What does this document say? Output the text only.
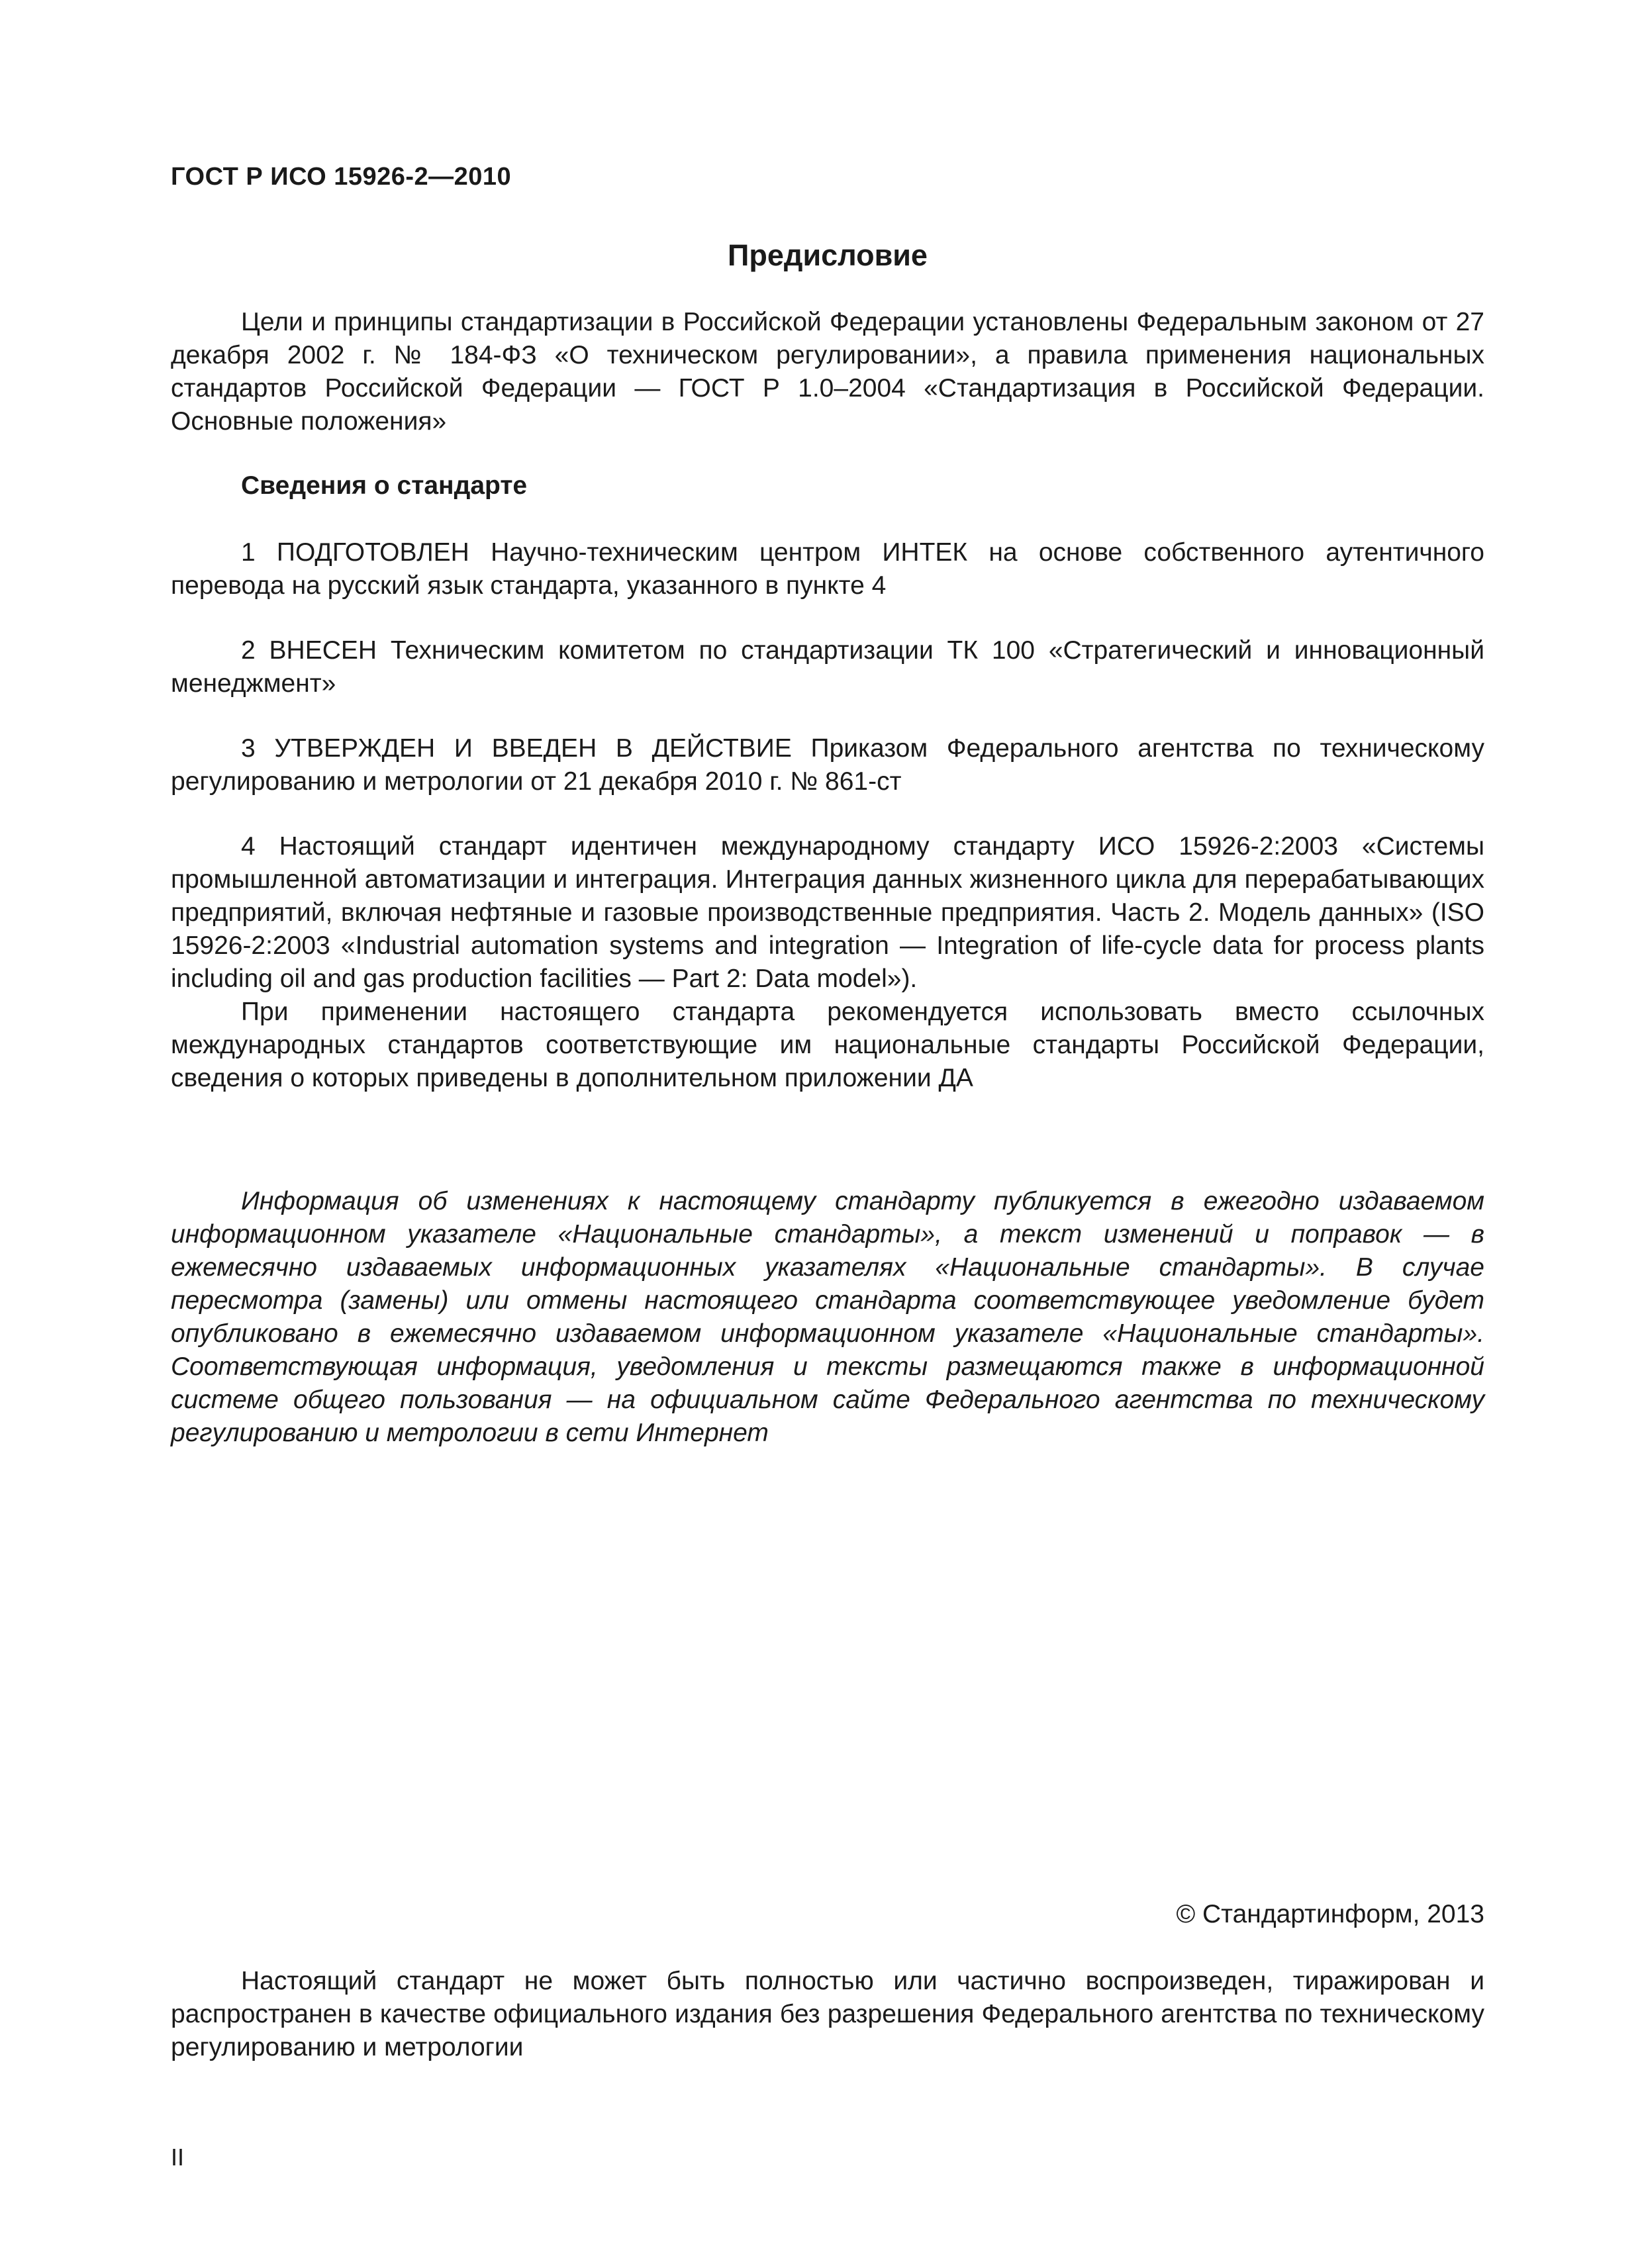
ГОСТ Р ИСО 15926-2—2010
Предисловие

Цели и принципы стандартизации в Российской Федерации установлены Федеральным законом от 27 декабря 2002 г. № 184-ФЗ «О техническом регулировании», а правила применения национальных стандартов Российской Федерации — ГОСТ Р 1.0–2004 «Стандартизация в Российской Федерации. Основные положения»

Сведения о стандарте

1 ПОДГОТОВЛЕН Научно-техническим центром ИНТЕК на основе собственного аутентичного перевода на русский язык стандарта, указанного в пункте 4

2 ВНЕСЕН Техническим комитетом по стандартизации ТК 100 «Стратегический и инновационный менеджмент»

3 УТВЕРЖДЕН И ВВЕДЕН В ДЕЙСТВИЕ Приказом Федерального агентства по техническому регулированию и метрологии от 21 декабря 2010 г. № 861-ст

4 Настоящий стандарт идентичен международному стандарту ИСО 15926-2:2003 «Системы промышленной автоматизации и интеграция. Интеграция данных жизненного цикла для перерабатывающих предприятий, включая нефтяные и газовые производственные предприятия. Часть 2. Модель данных» (ISO 15926-2:2003 «Industrial automation systems and integration — Integration of life-cycle data for process plants including oil and gas production facilities — Part 2: Data model»).

При применении настоящего стандарта рекомендуется использовать вместо ссылочных международных стандартов соответствующие им национальные стандарты Российской Федерации, сведения о которых приведены в дополнительном приложении ДА

Информация об изменениях к настоящему стандарту публикуется в ежегодно издаваемом информационном указателе «Национальные стандарты», а текст изменений и поправок — в ежемесячно издаваемых информационных указателях «Национальные стандарты». В случае пересмотра (замены) или отмены настоящего стандарта соответствующее уведомление будет опубликовано в ежемесячно издаваемом информационном указателе «Национальные стандарты». Соответствующая информация, уведомления и тексты размещаются также в информационной системе общего пользования — на официальном сайте Федерального агентства по техническому регулированию и метрологии в сети Интернет

© Стандартинформ, 2013

Настоящий стандарт не может быть полностью или частично воспроизведен, тиражирован и распространен в качестве официального издания без разрешения Федерального агентства по техническому регулированию и метрологии

II
